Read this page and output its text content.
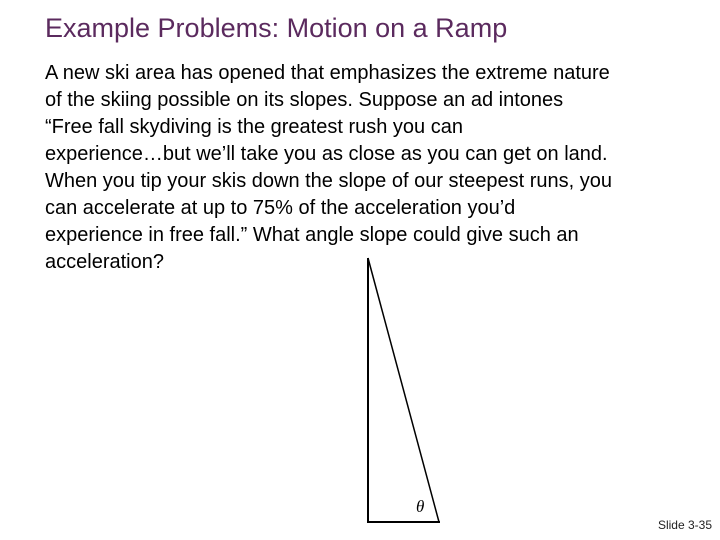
Example Problems: Motion on a Ramp
A new ski area has opened that emphasizes the extreme nature
of the skiing possible on its slopes. Suppose an ad intones
“Free fall skydiving is the greatest rush you can
experience…but we’ll take you as close as you can get on land.
When you tip your skis down the slope of our steepest runs, you
can accelerate at up to 75% of the acceleration you’d
experience in free fall.” What angle slope could give such an
acceleration?
θ
Slide 3-35
